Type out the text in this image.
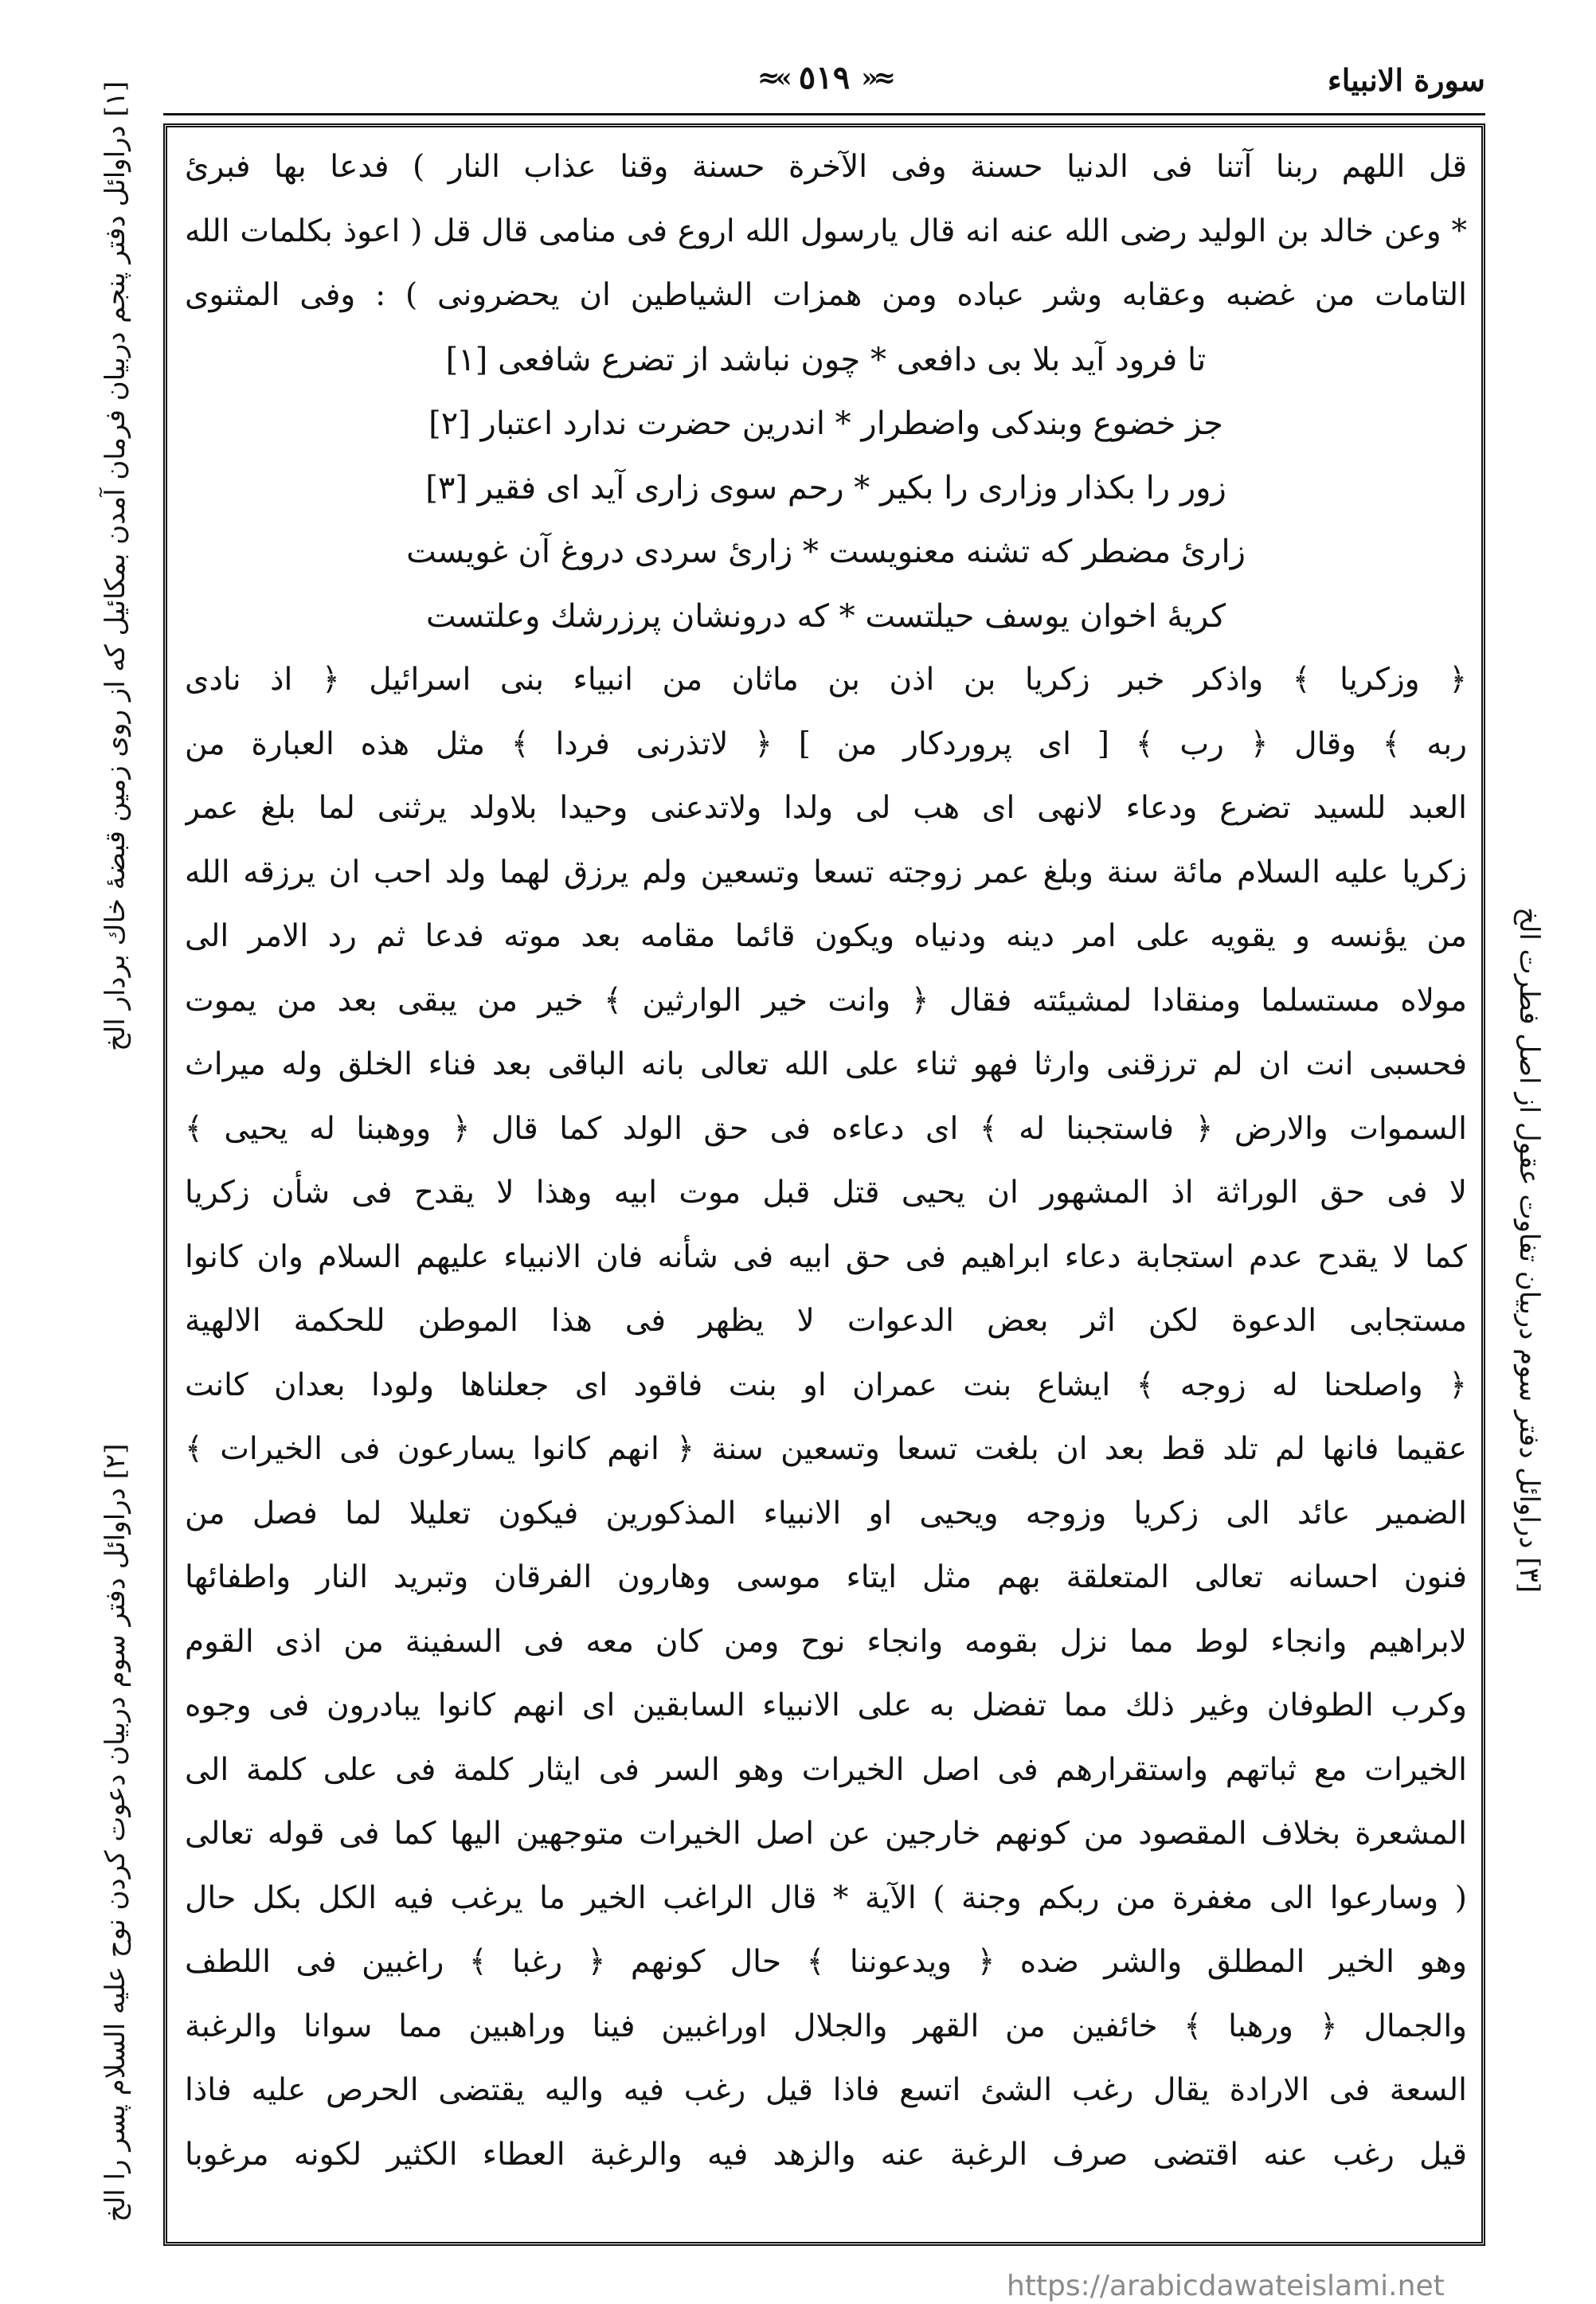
سورة الانبياء
≈« ٥١٩ »≈
قل اللهم ربنا آتنا فى الدنيا حسنة وفى الآخرة حسنة وقنا عذاب النار ) فدعا بها فبرئ
* وعن خالد بن الوليد رضى الله عنه انه قال يارسول الله اروع فى منامى قال قل ( اعوذ بكلمات الله
التامات من غضبه وعقابه وشر عباده ومن همزات الشياطين ان يحضرونى ) : وفى المثنوى
تا فرود آيد بلا بى دافعى * چون نباشد از تضرع شافعى [١]
جز خضوع وبندكى واضطرار * اندرين حضرت ندارد اعتبار [٢]
زور را بكذار وزارى را بكير * رحم سوى زارى آيد اى فقير [٣]
زارئ مضطر كه تشنه معنويست * زارئ سردى دروغ آن غويست
كريهٔ اخوان يوسف حيلتست * كه درونشان پرزرشك وعلتست
﴿ وزكريا ﴾ واذكر خبر زكريا بن اذن بن ماثان من انبياء بنى اسرائيل ﴿ اذ نادى
ربه ﴾ وقال ﴿ رب ﴾ [ اى پروردكار من ] ﴿ لاتذرنى فردا ﴾ مثل هذه العبارة من
العبد للسيد تضرع ودعاء لانهى اى هب لى ولدا ولاتدعنى وحيدا بلاولد يرثنى لما بلغ عمر
زكريا عليه السلام مائة سنة وبلغ عمر زوجته تسعا وتسعين ولم يرزق لهما ولد احب ان يرزقه الله
من يؤنسه و يقويه على امر دينه ودنياه ويكون قائما مقامه بعد موته فدعا ثم رد الامر الى
مولاه مستسلما ومنقادا لمشيئته فقال ﴿ وانت خير الوارثين ﴾ خير من يبقى بعد من يموت
فحسبى انت ان لم ترزقنى وارثا فهو ثناء على الله تعالى بانه الباقى بعد فناء الخلق وله ميراث
السموات والارض ﴿ فاستجبنا له ﴾ اى دعاءه فى حق الولد كما قال ﴿ ووهبنا له يحيى ﴾
لا فى حق الوراثة اذ المشهور ان يحيى قتل قبل موت ابيه وهذا لا يقدح فى شأن زكريا
كما لا يقدح عدم استجابة دعاء ابراهيم فى حق ابيه فى شأنه فان الانبياء عليهم السلام وان كانوا
مستجابى الدعوة لكن اثر بعض الدعوات لا يظهر فى هذا الموطن للحكمة الالهية
﴿ واصلحنا له زوجه ﴾ ايشاع بنت عمران او بنت فاقود اى جعلناها ولودا بعدان كانت
عقيما فانها لم تلد قط بعد ان بلغت تسعا وتسعين سنة ﴿ انهم كانوا يسارعون فى الخيرات ﴾
الضمير عائد الى زكريا وزوجه ويحيى او الانبياء المذكورين فيكون تعليلا لما فصل من
فنون احسانه تعالى المتعلقة بهم مثل ايتاء موسى وهارون الفرقان وتبريد النار واطفائها
لابراهيم وانجاء لوط مما نزل بقومه وانجاء نوح ومن كان معه فى السفينة من اذى القوم
وكرب الطوفان وغير ذلك مما تفضل به على الانبياء السابقين اى انهم كانوا يبادرون فى وجوه
الخيرات مع ثباتهم واستقرارهم فى اصل الخيرات وهو السر فى ايثار كلمة فى على كلمة الى
المشعرة بخلاف المقصود من كونهم خارجين عن اصل الخيرات متوجهين اليها كما فى قوله تعالى
( وسارعوا الى مغفرة من ربكم وجنة ) الآية * قال الراغب الخير ما يرغب فيه الكل بكل حال
وهو الخير المطلق والشر ضده ﴿ ويدعوننا ﴾ حال كونهم ﴿ رغبا ﴾ راغبين فى اللطف
والجمال ﴿ ورهبا ﴾ خائفين من القهر والجلال اوراغبين فينا وراهبين مما سوانا والرغبة
السعة فى الارادة يقال رغب الشئ اتسع فاذا قيل رغب فيه واليه يقتضى الحرص عليه فاذا
قيل رغب عنه اقتضى صرف الرغبة عنه والزهد فيه والرغبة العطاء الكثير لكونه مرغوبا
[٣] دراوائل دفتر سوم دربيان تفاوت عقول از اصل فطرت الخ
[١] دراوائل دفتر پنجم دربيان فرمان آمدن بمكائيل كه از روى زمين قبضهٔ خاك بردار الخ
[٢] دراوائل دفتر سوم دربيان دعوت كردن نوح عليه السلام پسر را الخ
https://arabicdawateislami.net
